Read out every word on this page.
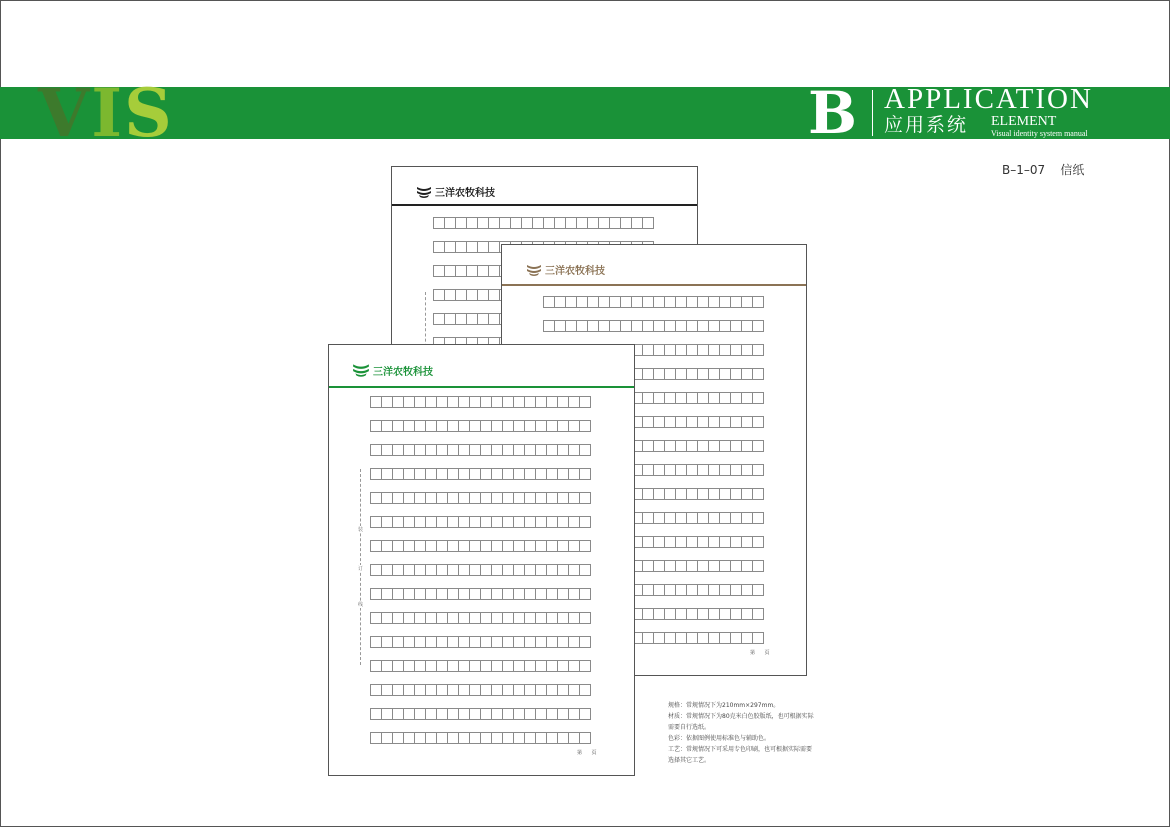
VIS	B APPLICATION
应用系统 ELEMENT
Visual identity system manual
B–1–07 信纸
三洋农牧科技
三洋农牧科技
第      页
三洋农牧科技
装
订
线
第      页

规格：常规情况下为210mm×297mm。

材质：常规情况下为80克米白色胶版纸，也可根据实际

需要自行选纸。

色彩：依据图例使用标准色与辅助色。

工艺：常规情况下可采用专色印刷，也可根据实际需要

选择其它工艺。
